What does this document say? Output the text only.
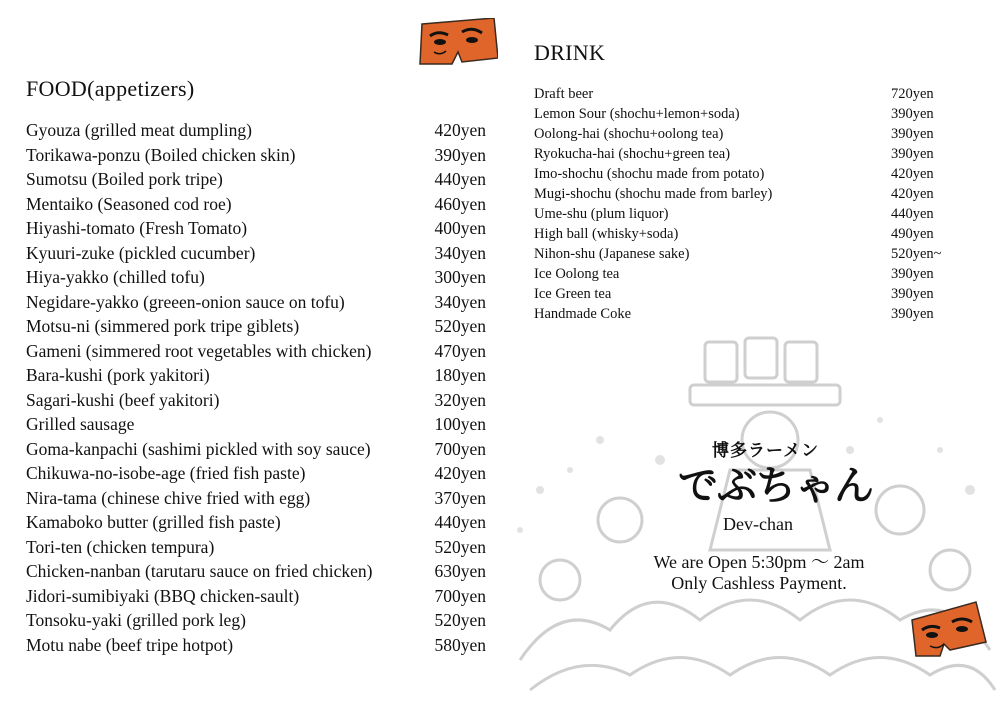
FOOD(appetizers)
Gyouza (grilled meat dumpling)	420yen
Torikawa-ponzu (Boiled chicken skin)	390yen
Sumotsu (Boiled pork tripe)	440yen
Mentaiko (Seasoned cod roe)	460yen
Hiyashi-tomato (Fresh Tomato)	400yen
Kyuuri-zuke (pickled cucumber)	340yen
Hiya-yakko (chilled tofu)	300yen
Negidare-yakko (greeen-onion sauce on tofu)	340yen
Motsu-ni (simmered pork tripe giblets)	520yen
Gameni (simmered root vegetables with chicken)	470yen
Bara-kushi (pork yakitori)	180yen
Sagari-kushi (beef yakitori)	320yen
Grilled sausage	100yen
Goma-kanpachi (sashimi pickled with soy sauce)	700yen
Chikuwa-no-isobe-age (fried fish paste)	420yen
Nira-tama (chinese chive fried with egg)	370yen
Kamaboko butter (grilled fish paste)	440yen
Tori-ten (chicken tempura)	520yen
Chicken-nanban (tarutaru sauce on fried chicken)	630yen
Jidori-sumibiyaki (BBQ chicken-sault)	700yen
Tonsoku-yaki (grilled pork leg)	520yen
Motu nabe (beef tripe hotpot)	580yen
DRINK
Draft beer	720yen
Lemon Sour (shochu+lemon+soda)	390yen
Oolong-hai (shochu+oolong tea)	390yen
Ryokucha-hai (shochu+green tea)	390yen
Imo-shochu (shochu made from potato)	420yen
Mugi-shochu (shochu made from barley)	420yen
Ume-shu (plum liquor)	440yen
High ball (whisky+soda)	490yen
Nihon-shu (Japanese sake)	520yen~
Ice Oolong tea	390yen
Ice Green tea	390yen
Handmade Coke	390yen
博多ラーメン
でぶちゃん
Dev-chan
We are Open 5:30pm 〜 2am
Only Cashless Payment.
